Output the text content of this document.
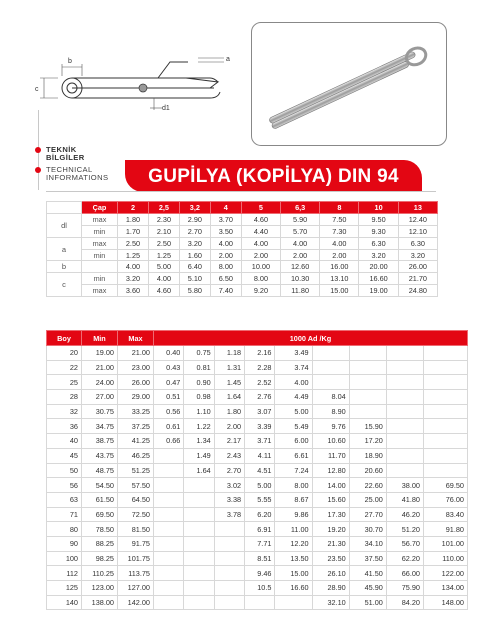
b
c
a
d1
TEKNİK
BİLGİLER
TECHNICAL
INFORMATIONS	GUPİLYA (KOPİLYA) DIN 94
	Çap	2	2,5	3,2	4	5	6,3	8	10	13
dl	max	1.80	2.30	2.90	3.70	4.60	5.90	7.50	9.50	12.40
	min	1.70	2.10	2.70	3.50	4.40	5.70	7.30	9.30	12.10
a	max	2.50	2.50	3.20	4.00	4.00	4.00	4.00	6.30	6.30
	min	1.25	1.25	1.60	2.00	2.00	2.00	2.00	3.20	3.20
b		4.00	5.00	6.40	8.00	10.00	12.60	16.00	20.00	26.00
c	min	3.20	4.00	5.10	6.50	8.00	10.30	13.10	16.60	21.70
	max	3.60	4.60	5.80	7.40	9.20	11.80	15.00	19.00	24.80
Boy	Min	Max	1000 Ad /Kg								
20	19.00	21.00	0.40	0.75	1.18	2.16	3.49				
22	21.00	23.00	0.43	0.81	1.31	2.28	3.74				
25	24.00	26.00	0.47	0.90	1.45	2.52	4.00				
28	27.00	29.00	0.51	0.98	1.64	2.76	4.49	8.04			
32	30.75	33.25	0.56	1.10	1.80	3.07	5.00	8.90			
36	34.75	37.25	0.61	1.22	2.00	3.39	5.49	9.76	15.90		
40	38.75	41.25	0.66	1.34	2.17	3.71	6.00	10.60	17.20		
45	43.75	46.25		1.49	2.43	4.11	6.61	11.70	18.90		
50	48.75	51.25		1.64	2.70	4.51	7.24	12.80	20.60		
56	54.50	57.50			3.02	5.00	8.00	14.00	22.60	38.00	69.50
63	61.50	64.50			3.38	5.55	8.67	15.60	25.00	41.80	76.00
71	69.50	72.50			3.78	6.20	9.86	17.30	27.70	46.20	83.40
80	78.50	81.50				6.91	11.00	19.20	30.70	51.20	91.80
90	88.25	91.75				7.71	12.20	21.30	34.10	56.70	101.00
100	98.25	101.75				8.51	13.50	23.50	37.50	62.20	110.00
112	110.25	113.75				9.46	15.00	26.10	41.50	66.00	122.00
125	123.00	127.00				10.5	16.60	28.90	45.90	75.90	134.00
140	138.00	142.00						32.10	51.00	84.20	148.00
